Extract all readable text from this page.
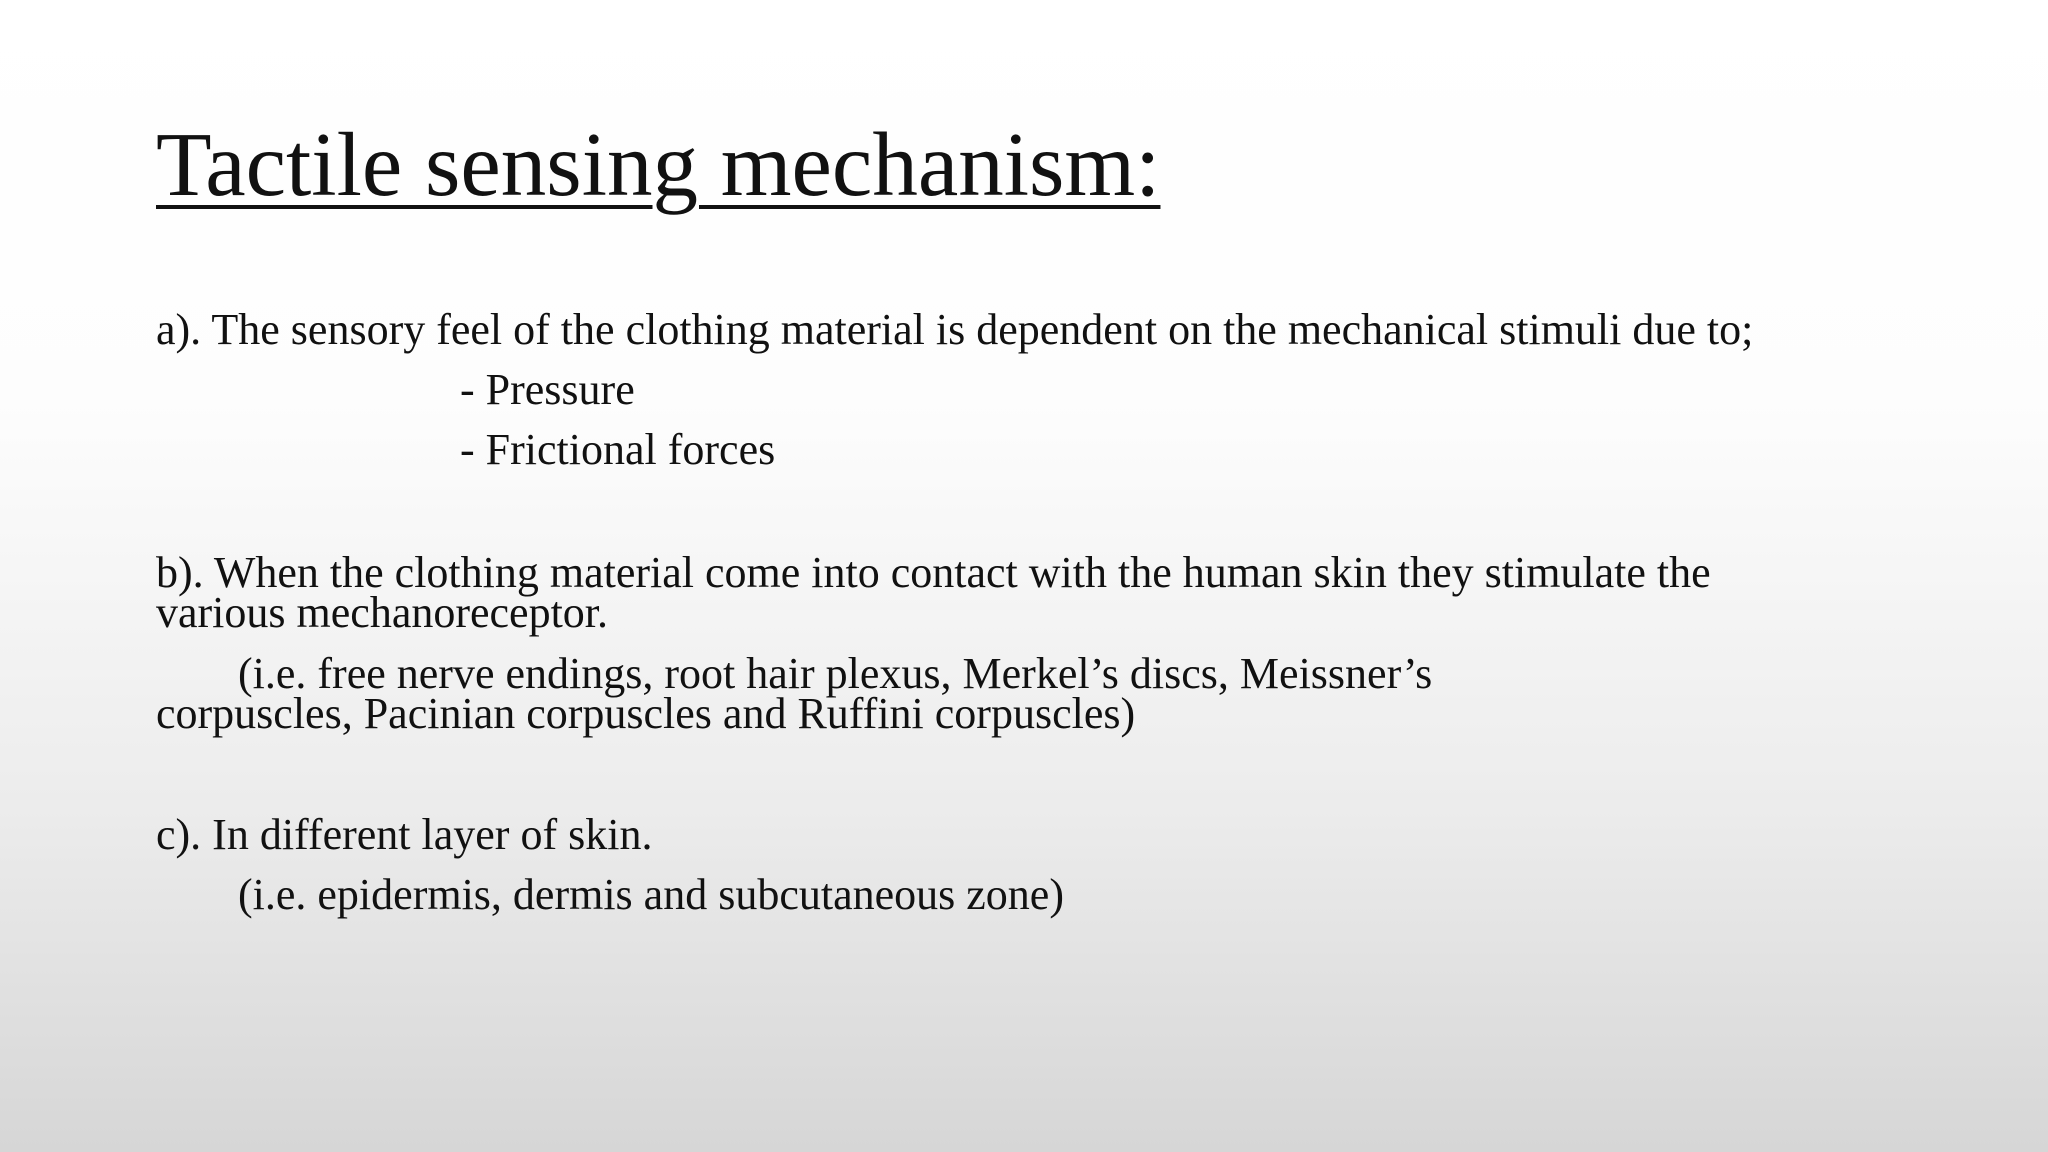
Tactile sensing mechanism:

a). The sensory feel of the clothing material is dependent on the mechanical stimuli due to;

- Pressure

- Frictional forces

b). When the clothing material come into contact with the human skin they stimulate the

various mechanoreceptor.

(i.e. free nerve endings, root hair plexus, Merkel’s discs, Meissner’s

corpuscles, Pacinian corpuscles and Ruffini corpuscles)

c). In different layer of skin.

(i.e. epidermis, dermis and subcutaneous zone)
